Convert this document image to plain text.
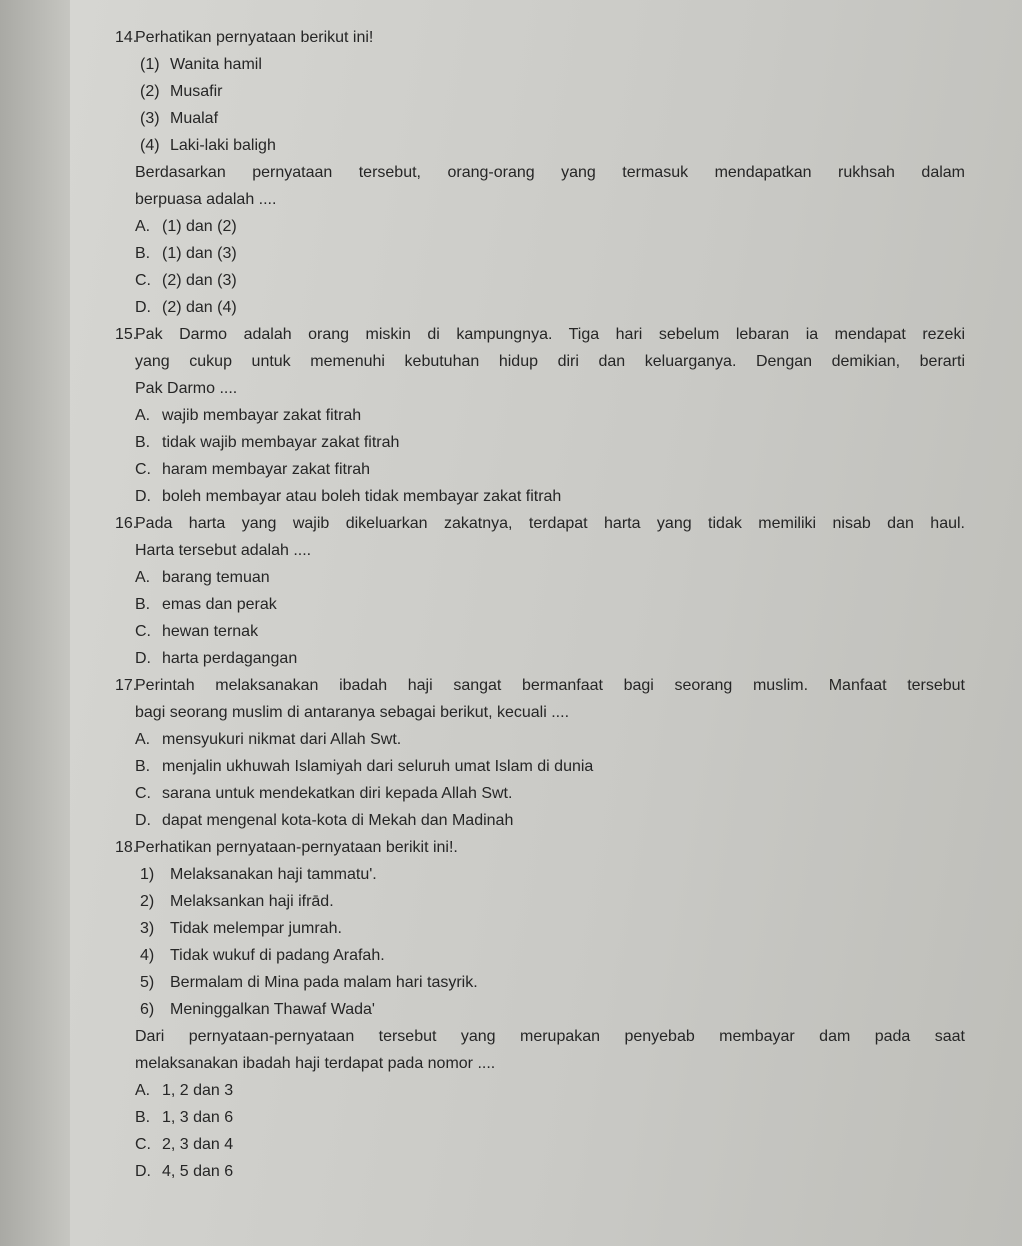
14.
Perhatikan pernyataan berikut ini!
(1) Wanita hamil
(2) Musafir
(3) Mualaf
(4) Laki-laki baligh
Berdasarkan pernyataan tersebut, orang-orang yang termasuk mendapatkan rukhsah dalam
berpuasa adalah ....
A. (1) dan (2)
B. (1) dan (3)
C. (2) dan (3)
D. (2) dan (4)
15.
Pak Darmo adalah orang miskin di kampungnya. Tiga hari sebelum lebaran ia mendapat rezeki
yang cukup untuk memenuhi kebutuhan hidup diri dan keluarganya. Dengan demikian, berarti
Pak Darmo ....
A. wajib membayar zakat fitrah
B. tidak wajib membayar zakat fitrah
C. haram membayar zakat fitrah
D. boleh membayar atau boleh tidak membayar zakat fitrah
16.
Pada harta yang wajib dikeluarkan zakatnya, terdapat harta yang tidak memiliki nisab dan haul.
Harta tersebut adalah ....
A. barang temuan
B. emas dan perak
C. hewan ternak
D. harta perdagangan
17.
Perintah melaksanakan ibadah haji sangat bermanfaat bagi seorang muslim. Manfaat tersebut
bagi seorang muslim di antaranya sebagai berikut, kecuali ....
A. mensyukuri nikmat dari Allah Swt.
B. menjalin ukhuwah Islamiyah dari seluruh umat Islam di dunia
C. sarana untuk mendekatkan diri kepada Allah Swt.
D. dapat mengenal kota-kota di Mekah dan Madinah
18.
Perhatikan pernyataan-pernyataan berikit ini!.
1) Melaksanakan haji tammatu'.
2) Melaksankan haji ifrād.
3) Tidak melempar jumrah.
4) Tidak wukuf di padang Arafah.
5) Bermalam di Mina pada malam hari tasyrik.
6) Meninggalkan Thawaf Wada'
Dari pernyataan-pernyataan tersebut yang merupakan penyebab membayar dam pada saat
melaksanakan ibadah haji terdapat pada nomor ....
A. 1, 2 dan 3
B. 1, 3 dan 6
C. 2, 3 dan 4
D. 4, 5 dan 6
